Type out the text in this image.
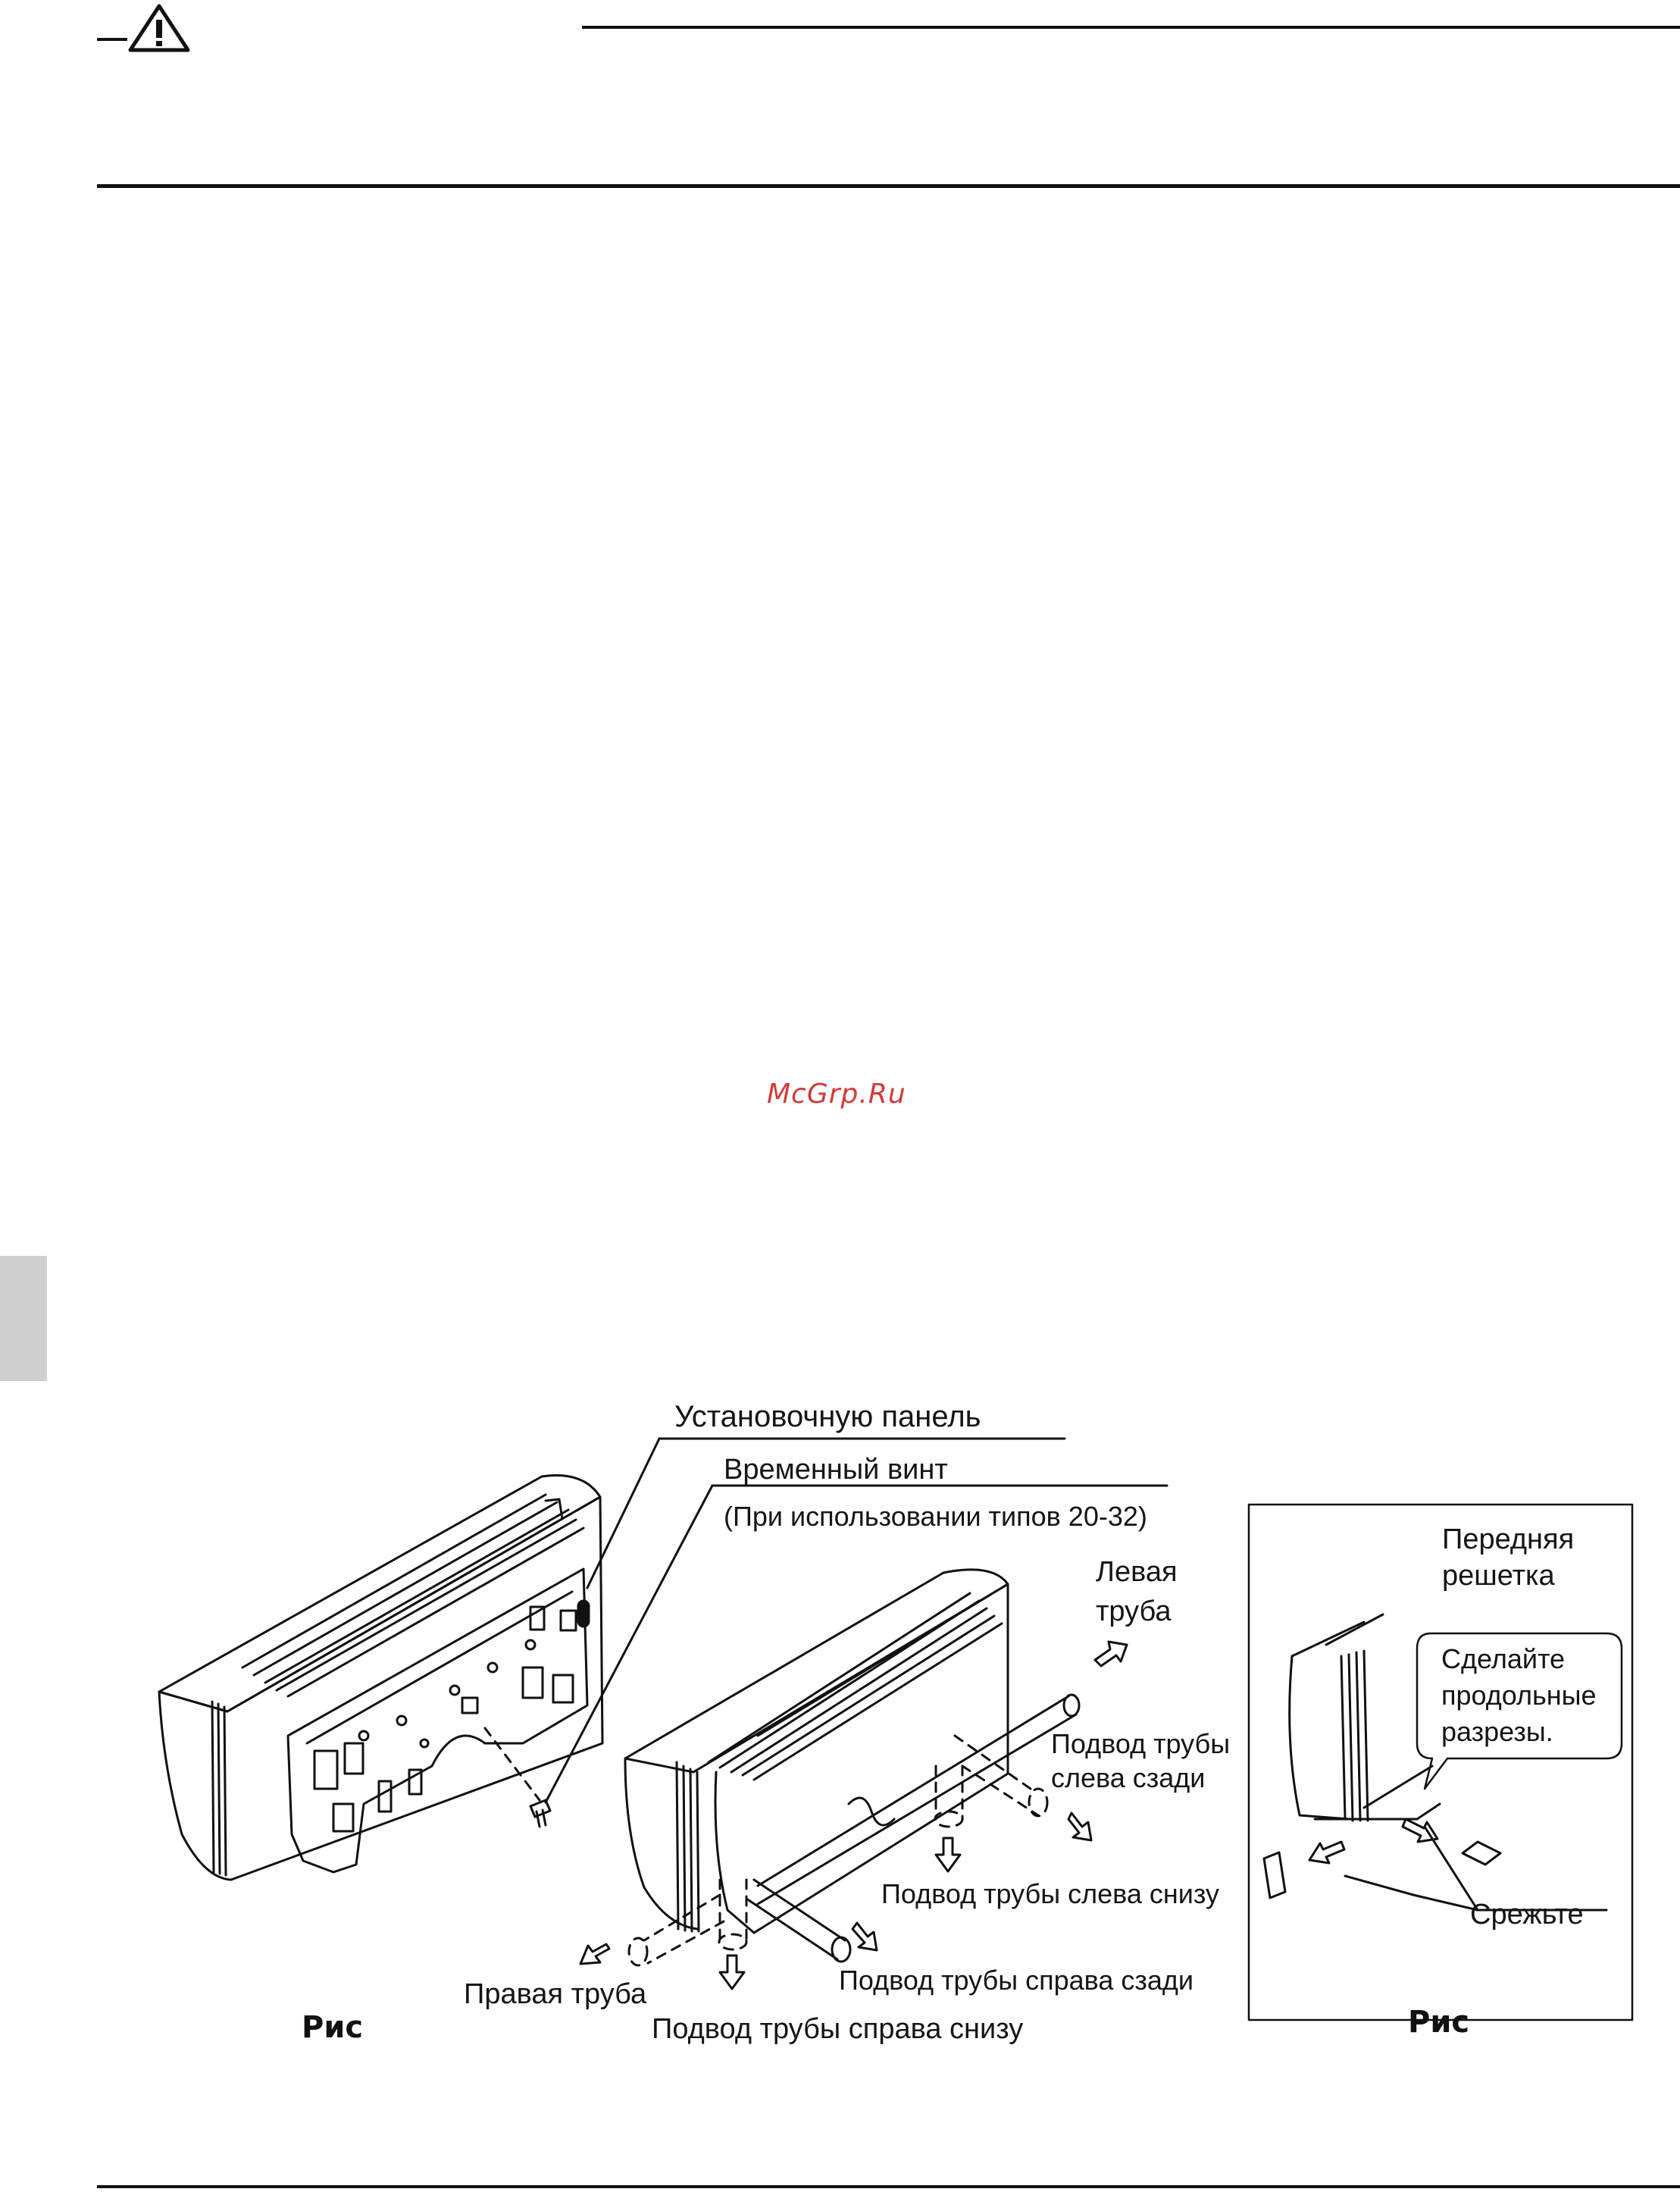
McGrp.Ru
Установочную панель
Временный винт
(При использовании типов 20-32)
Левая
труба
Подвод трубы
слева сзади
Подвод трубы слева снизу
Правая труба	Подвод трубы справа сзади
Подвод трубы справа снизу
Рис
Передняя
решетка
Сделайте
продольные
разрезы.
Срежьте
Рис
